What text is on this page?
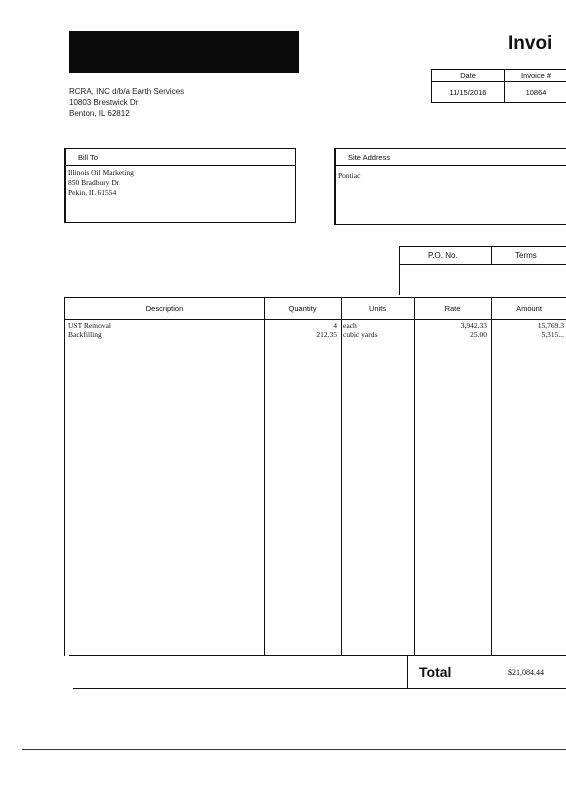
Invoi
RCRA, INC d/b/a Earth Services
10803 Brestwick Dr
Benton, IL 62812
Date	Invoice #
11/15/2016	10864
Bill To
Illinois Oil Marketing
850 Bradbury Dr
Pekin, IL 61554
Site Address
Pontiac
P.O. No.	Terms
Description	Quantity	Units	Rate	Amount
UST Removal	4 each	3,942.33	15,769.3
Backfilling	212.35 cubic yards	25.00	5,315...
Total	$21,084.44
